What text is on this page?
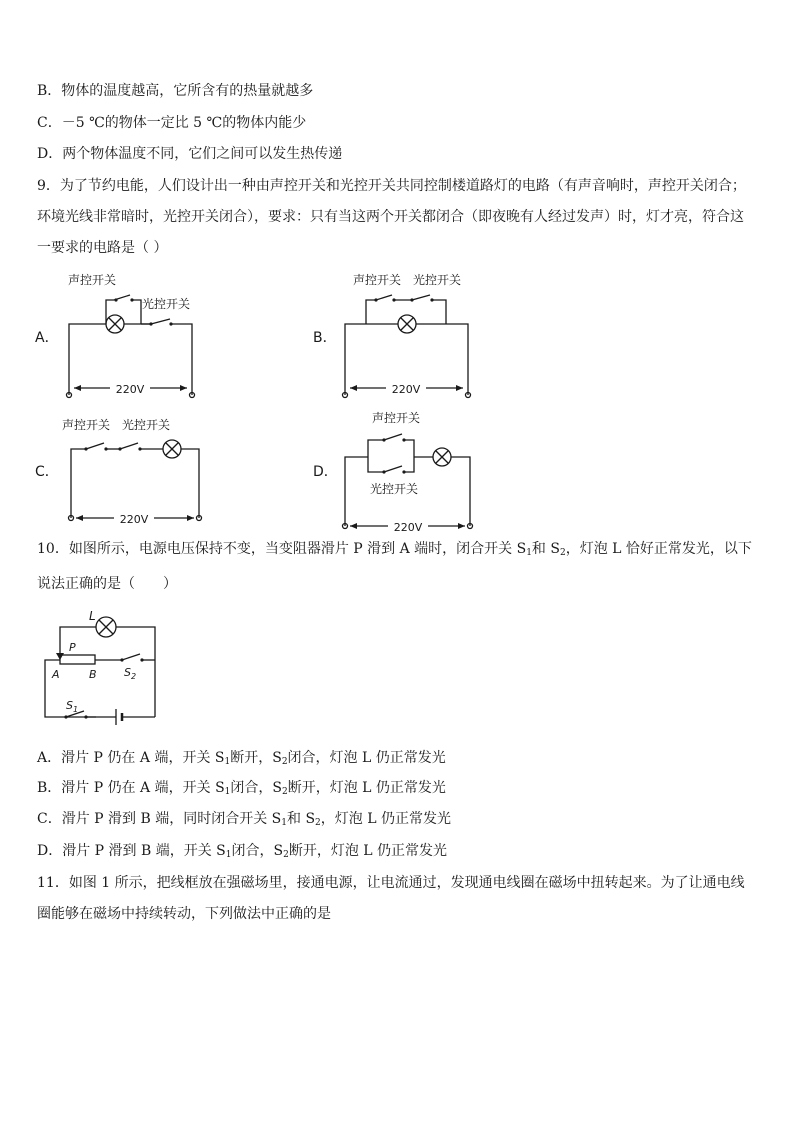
B．物体的温度越高，它所含有的热量就越多
C．－5 ℃的物体一定比 5 ℃的物体内能少
D．两个物体温度不同，它们之间可以发生热传递
9．为了节约电能，人们设计出一种由声控开关和光控开关共同控制楼道路灯的电路（有声音响时，声控开关闭合；环境光线非常暗时，光控开关闭合），要求：只有当这两个开关都闭合（即夜晚有人经过发声）时，灯才亮，符合这一要求的电路是（ ）
声控开关
A．
光控开关
220V
声控开关 光控开关
B．
220V
声控开关 光控开关
C．
220V
声控开关
光控开关
D．
220V
10．如图所示，电源电压保持不变，当变阻器滑片 P 滑到 A 端时，闭合开关 $S_1$和 $S_2$，灯泡 L 恰好正常发光，以下说法正确的是（　　）
L
P
A	B $S_2$
$S_1$
A．滑片 P 仍在 A 端，开关 $S_1$断开，$S_2$闭合，灯泡 L 仍正常发光
B．滑片 P 仍在 A 端，开关 $S_1$闭合，$S_2$断开，灯泡 L 仍正常发光
C．滑片 P 滑到 B 端，同时闭合开关 $S_1$和 $S_2$，灯泡 L 仍正常发光
D．滑片 P 滑到 B 端，开关 $S_1$闭合，$S_2$断开，灯泡 L 仍正常发光
11．如图 1 所示，把线框放在强磁场里，接通电源，让电流通过，发现通电线圈在磁场中扭转起来。为了让通电线圈能够在磁场中持续转动，下列做法中正确的是
